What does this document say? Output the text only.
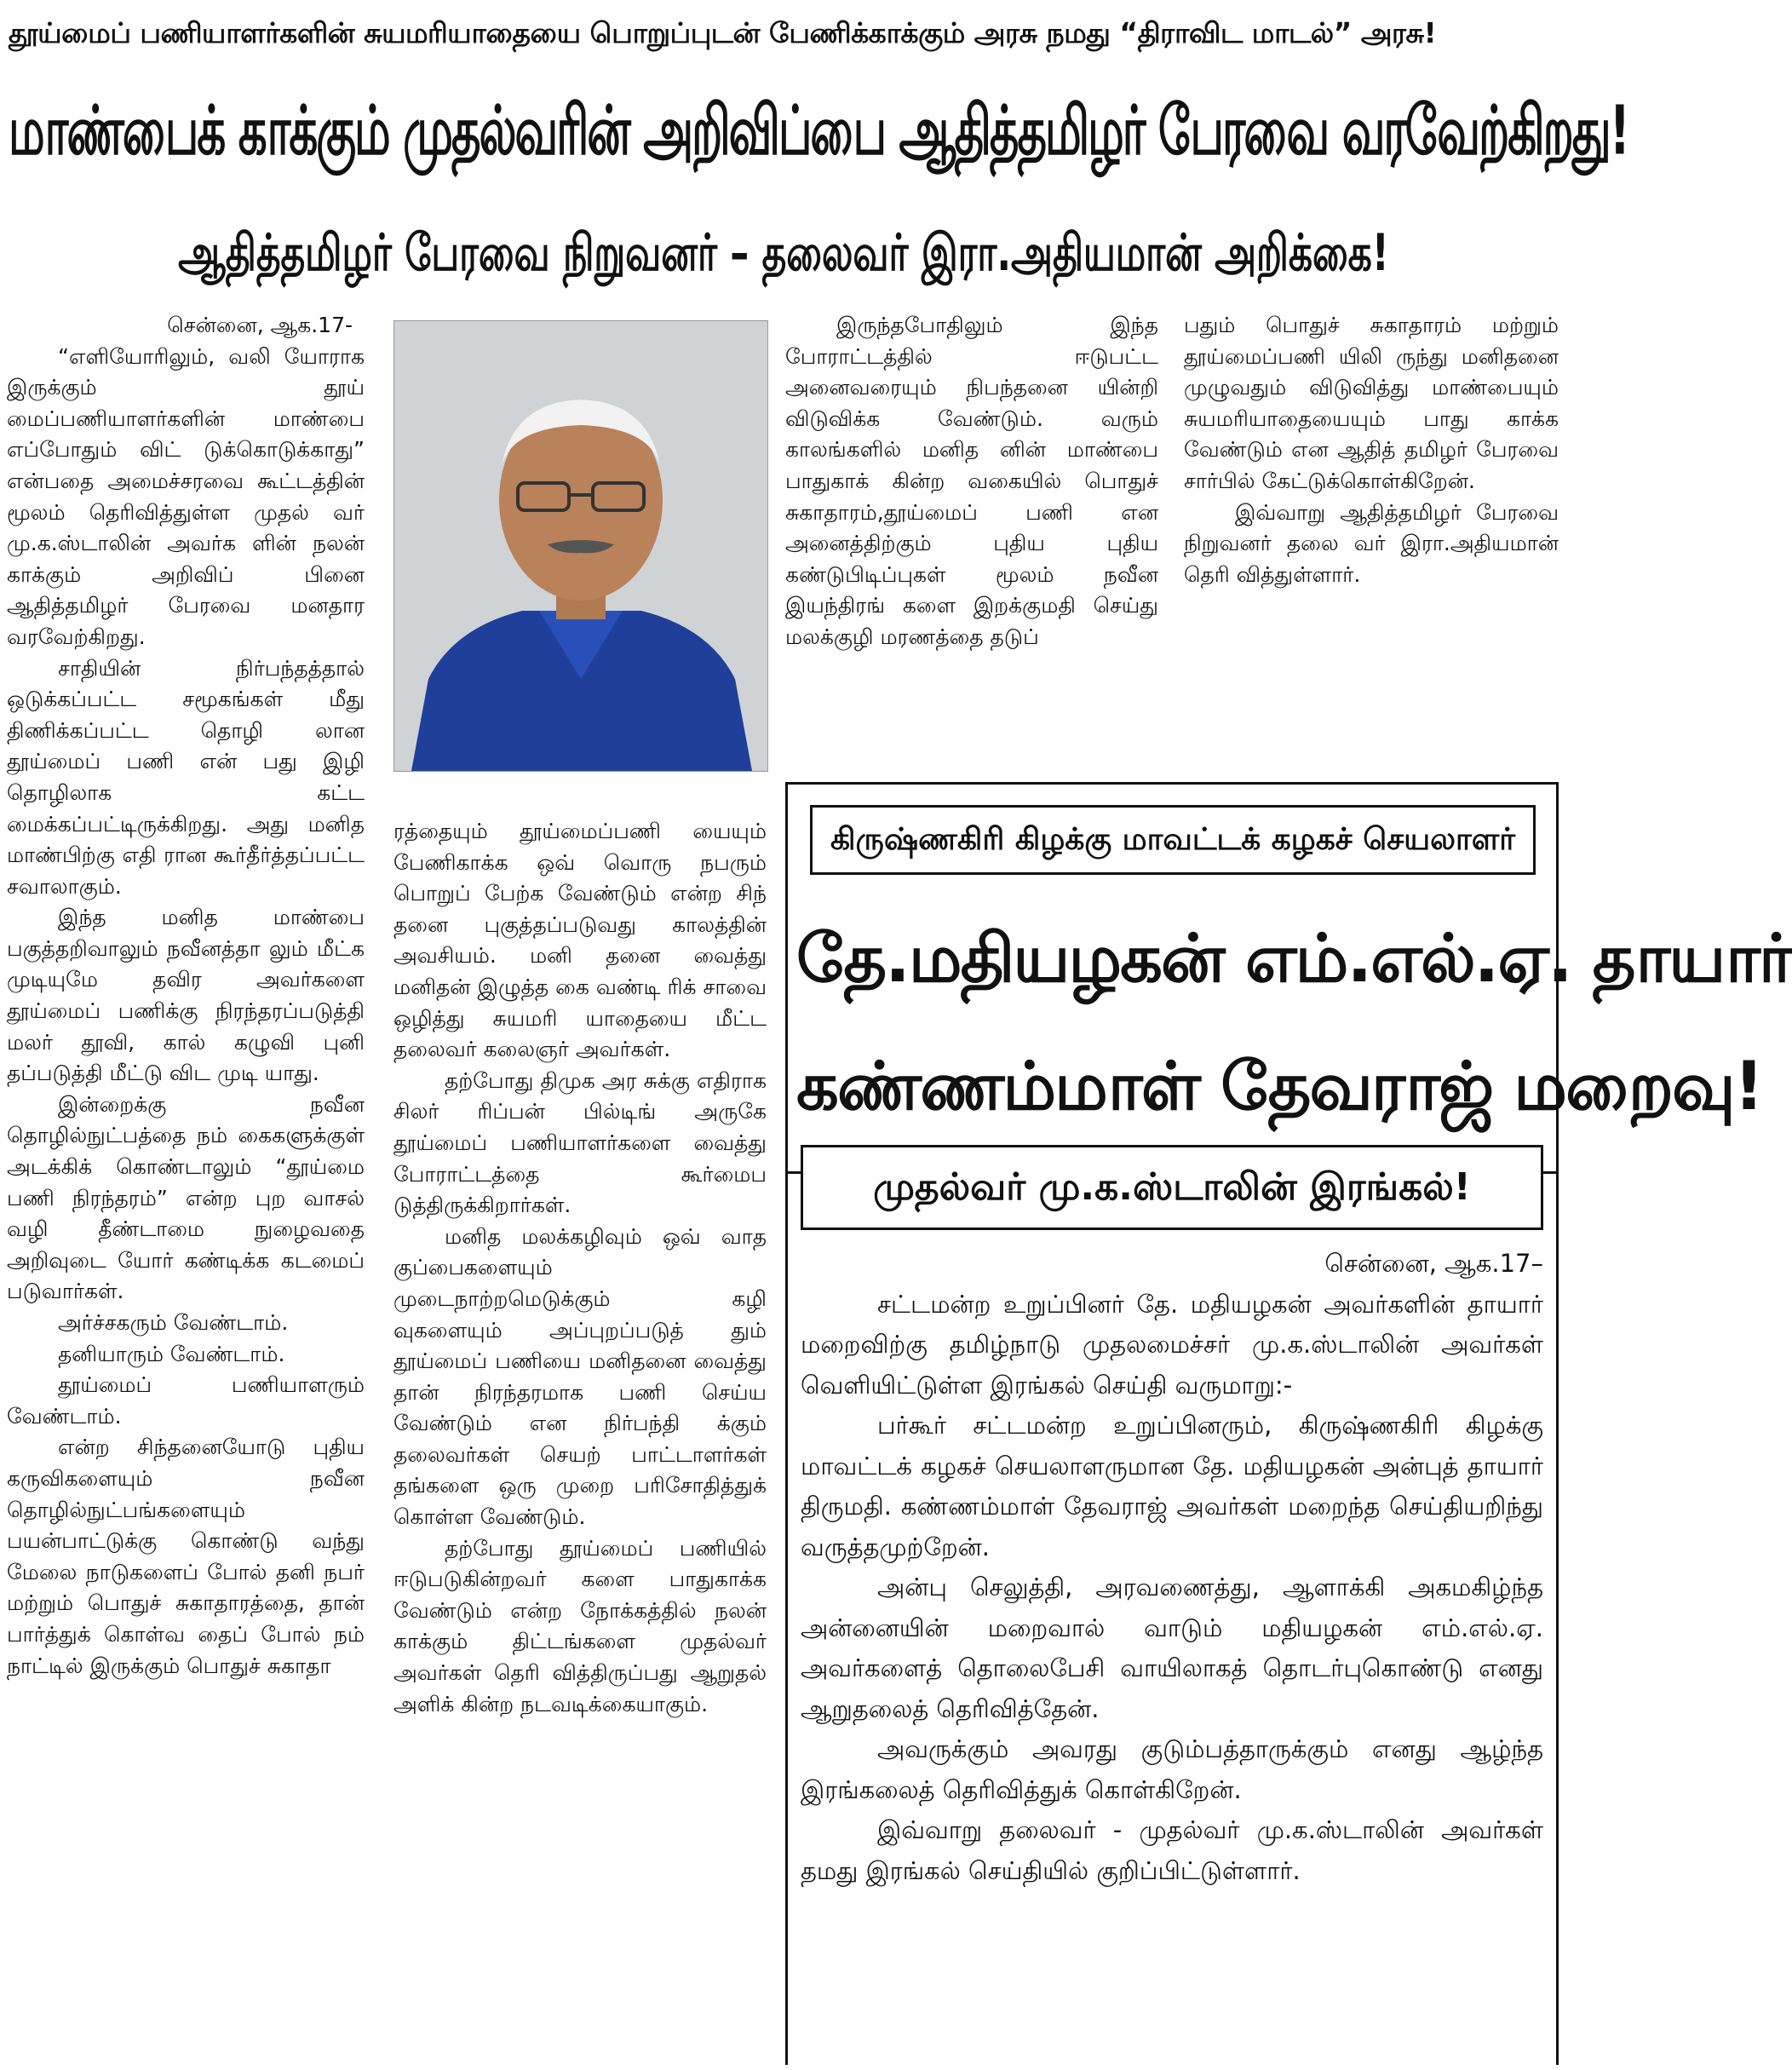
தூய்மைப் பணியாளர்களின் சுயமரியாதையை பொறுப்புடன் பேணிக்காக்கும் அரசு நமது “திராவிட மாடல்” அரசு!
மாண்பைக் காக்கும் முதல்வரின் அறிவிப்பை ஆதித்தமிழர் பேரவை வரவேற்கிறது!
ஆதித்தமிழர் பேரவை நிறுவனர் – தலைவர் இரா.அதியமான் அறிக்கை!

சென்னை, ஆக.17-

“எளியோரிலும், வலி யோராக இருக்கும் தூய் மைப்பணியாளர்களின் மாண்பை எப்போதும் விட் டுக்கொடுக்காது” என்பதை அமைச்சரவை கூட்டத்தின் மூலம் தெரிவித்துள்ள முதல் வர் மு.க.ஸ்டாலின் அவர்க ளின் நலன் காக்கும் அறிவிப் பினை ஆதித்தமிழர் பேரவை மனதார வரவேற்கிறது.

சாதியின் நிர்பந்தத்தால் ஒடுக்கப்பட்ட சமூகங்கள் மீது திணிக்கப்பட்ட தொழி லான தூய்மைப் பணி என் பது இழி தொழிலாக கட்ட மைக்கப்பட்டிருக்கிறது. அது மனித மாண்பிற்கு எதி ரான கூர்தீர்த்தப்பட்ட சவாலாகும்.

இந்த மனித மாண்பை பகுத்தறிவாலும் நவீனத்தா லும் மீட்க முடியுமே தவிர அவர்களை தூய்மைப் பணிக்கு நிரந்தரப்படுத்தி மலர் தூவி, கால் கழுவி புனி தப்படுத்தி மீட்டு விட முடி யாது.

இன்றைக்கு நவீன தொழில்நுட்பத்தை நம் கைகளுக்குள் அடக்கிக் கொண்டாலும் “தூய்மை பணி நிரந்தரம்” என்ற புற வாசல் வழி தீண்டாமை நுழைவதை அறிவுடை யோர் கண்டிக்க கடமைப் படுவார்கள்.

அர்ச்சகரும் வேண்டாம்.

தனியாரும் வேண்டாம்.

தூய்மைப் பணியாளரும் வேண்டாம்.

என்ற சிந்தனையோடு புதிய கருவிகளையும் நவீன தொழில்நுட்பங்களையும் பயன்பாட்டுக்கு கொண்டு வந்து மேலை நாடுகளைப் போல் தனி நபர் மற்றும் பொதுச் சுகாதாரத்தை, தான் பார்த்துக் கொள்வ தைப் போல் நம் நாட்டில் இருக்கும் பொதுச் சுகாதா

ரத்தையும் தூய்மைப்பணி யையும் பேணிகாக்க ஒவ் வொரு நபரும் பொறுப் பேற்க வேண்டும் என்ற சிந் தனை புகுத்தப்படுவது காலத்தின் அவசியம். மனி தனை வைத்து மனிதன் இழுத்த கை வண்டி ரிக் சாவை ஒழித்து சுயமரி யாதையை மீட்ட தலைவர் கலைஞர் அவர்கள்.

தற்போது திமுக அர சுக்கு எதிராக சிலர் ரிப்பன் பில்டிங் அருகே தூய்மைப் பணியாளர்களை வைத்து போராட்டத்தை கூர்மைப டுத்திருக்கிறார்கள்.

மனித மலக்கழிவும் ஒவ் வாத குப்பைகளையும் முடைநாற்றமெடுக்கும் கழி வுகளையும் அப்புறப்படுத் தும் தூய்மைப் பணியை மனிதனை வைத்து தான் நிரந்தரமாக பணி செய்ய வேண்டும் என நிர்பந்தி க்கும் தலைவர்கள் செயற் பாட்டாளர்கள் தங்களை ஒரு முறை பரிசோதித்துக் கொள்ள வேண்டும்.

தற்போது தூய்மைப் பணியில் ஈடுபடுகின்றவர் களை பாதுகாக்க வேண்டும் என்ற நோக்கத்தில் நலன் காக்கும் திட்டங்களை முதல்வர் அவர்கள் தெரி வித்திருப்பது ஆறுதல் அளிக் கின்ற நடவடிக்கையாகும்.

இருந்தபோதிலும் இந்த போராட்டத்தில் ஈடுபட்ட அனைவரையும் நிபந்தனை யின்றி விடுவிக்க வேண்டும். வரும் காலங்களில் மனித னின் மாண்பை பாதுகாக் கின்ற வகையில் பொதுச் சுகாதாரம்,தூய்மைப் பணி என அனைத்திற்கும் புதிய புதிய கண்டுபிடிப்புகள் மூலம் நவீன இயந்திரங் களை இறக்குமதி செய்து மலக்குழி மரணத்தை தடுப்

பதும் பொதுச் சுகாதாரம் மற்றும் தூய்மைப்பணி யிலி ருந்து மனிதனை முழுவதும் விடுவித்து மாண்பையும் சுயமரியாதையையும் பாது காக்க வேண்டும் என ஆதித் தமிழர் பேரவை சார்பில் கேட்டுக்கொள்கிறேன்.

இவ்வாறு ஆதித்தமிழர் பேரவை நிறுவனர் தலை வர் இரா.அதியமான் தெரி வித்துள்ளார்.

கிருஷ்ணகிரி கிழக்கு மாவட்டக் கழகச் செயலாளர்
தே.மதியழகன் எம்.எல்.ஏ. தாயார்
கண்ணம்மாள் தேவராஜ் மறைவு!
முதல்வர் மு.க.ஸ்டாலின் இரங்கல்!

சென்னை, ஆக.17–

சட்டமன்ற உறுப்பினர் தே. மதியழகன் அவர்களின் தாயார் மறைவிற்கு தமிழ்நாடு முதலமைச்சர் மு.க.ஸ்டாலின் அவர்கள் வெளியிட்டுள்ள இரங்கல் செய்தி வருமாறு:-

பர்கூர் சட்டமன்ற உறுப்பினரும், கிருஷ்ணகிரி கிழக்கு மாவட்டக் கழகச் செயலாளருமான தே. மதியழகன் அன்புத் தாயார் திருமதி. கண்ணம்மாள் தேவராஜ் அவர்கள் மறைந்த செய்தியறிந்து வருத்தமுற்றேன்.

அன்பு செலுத்தி, அரவணைத்து, ஆளாக்கி அகமகிழ்ந்த அன்னையின் மறைவால் வாடும் மதியழகன் எம்.எல்.ஏ. அவர்களைத் தொலைபேசி வாயிலாகத் தொடர்புகொண்டு எனது ஆறுதலைத் தெரிவித்தேன்.

அவருக்கும் அவரது குடும்பத்தாருக்கும் எனது ஆழ்ந்த இரங்கலைத் தெரிவித்துக் கொள்கிறேன்.

இவ்வாறு தலைவர் - முதல்வர் மு.க.ஸ்டாலின் அவர்கள் தமது இரங்கல் செய்தியில் குறிப்பிட்டுள்ளார்.
